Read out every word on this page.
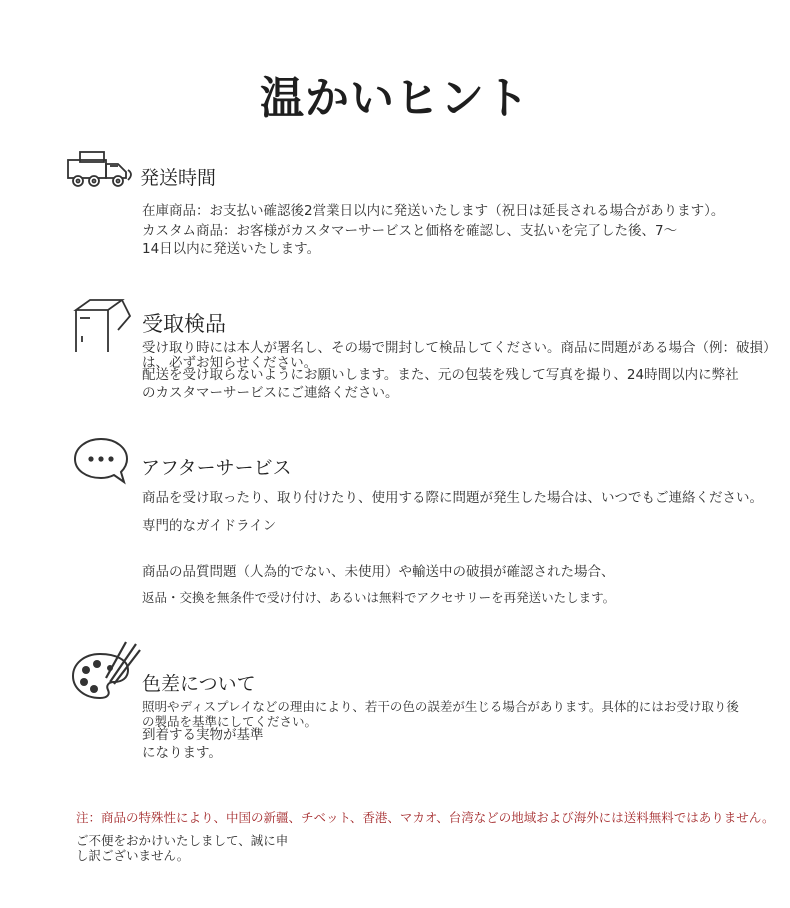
温かいヒント
発送時間
在庫商品：お支払い確認後2営業日以内に発送いたします（祝日は延長される場合があります）。
カスタム商品：お客様がカスタマーサービスと価格を確認し、支払いを完了した後、7〜
14日以内に発送いたします。
受取検品
受け取り時には本人が署名し、その場で開封して検品してください。商品に問題がある場合（例：破損）
は、必ずお知らせください。
配送を受け取らないようにお願いします。また、元の包装を残して写真を撮り、24時間以内に弊社
のカスタマーサービスにご連絡ください。
アフターサービス
商品を受け取ったり、取り付けたり、使用する際に問題が発生した場合は、いつでもご連絡ください。
専門的なガイドライン
商品の品質問題（人為的でない、未使用）や輸送中の破損が確認された場合、
返品・交換を無条件で受け付け、あるいは無料でアクセサリーを再発送いたします。
色差について
照明やディスプレイなどの理由により、若干の色の誤差が生じる場合があります。具体的にはお受け取り後
の製品を基準にしてください。
到着する実物が基準
になります。
注：商品の特殊性により、中国の新疆、チベット、香港、マカオ、台湾などの地域および海外には送料無料ではありません。
ご不便をおかけいたしまして、誠に申
し訳ございません。
